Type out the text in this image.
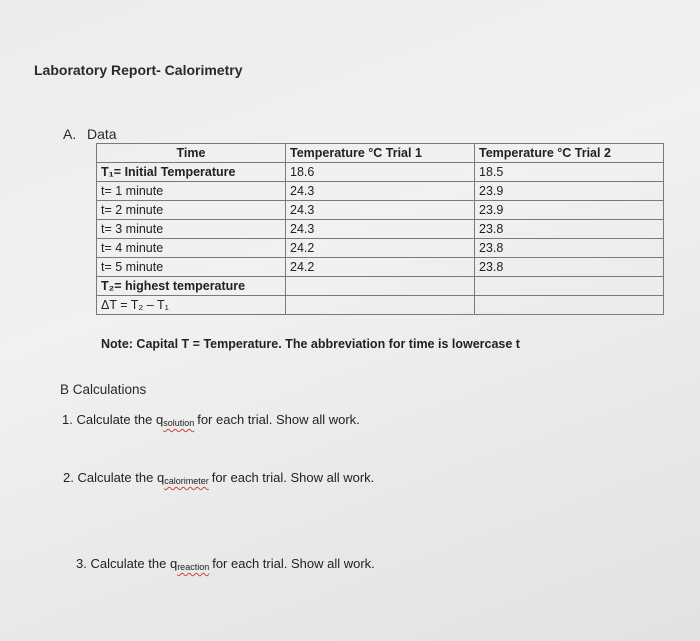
Laboratory Report- Calorimetry
A. Data
Time	Temperature °C Trial 1	Temperature °C Trial 2
T₁= Initial Temperature	18.6	18.5
t= 1 minute	24.3	23.9
t= 2 minute	24.3	23.9
t= 3 minute	24.3	23.8
t= 4 minute	24.2	23.8
t= 5 minute	24.2	23.8
T₂= highest temperature		
ΔT = T₂ – T₁		
Note: Capital T = Temperature. The abbreviation for time is lowercase t
B Calculations
1. Calculate the qsolution for each trial. Show all work.
2. Calculate the qcalorimeter for each trial. Show all work.
3. Calculate the qreaction for each trial. Show all work.
